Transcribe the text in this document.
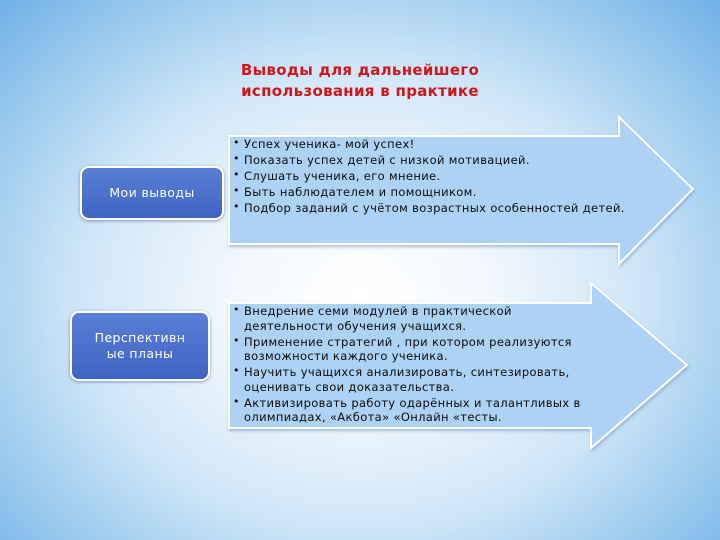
Выводы для дальнейшего использования в практике
Мои выводы
Перспективн ые планы
• Успех ученика- мой успех!
• Показать успех детей с низкой мотивацией.
• Слушать ученика, его мнение.
• Быть наблюдателем и помощником.
• Подбор заданий с учётом возрастных особенностей детей.
• Внедрение семи модулей в практической деятельности обучения учащихся.
• Применение стратегий , при котором реализуются возможности каждого ученика.
• Научить учащихся анализировать, синтезировать, оценивать свои доказательства.
• Активизировать работу одарённых и талантливых в олимпиадах, «Акбота» «Онлайн «тесты.
